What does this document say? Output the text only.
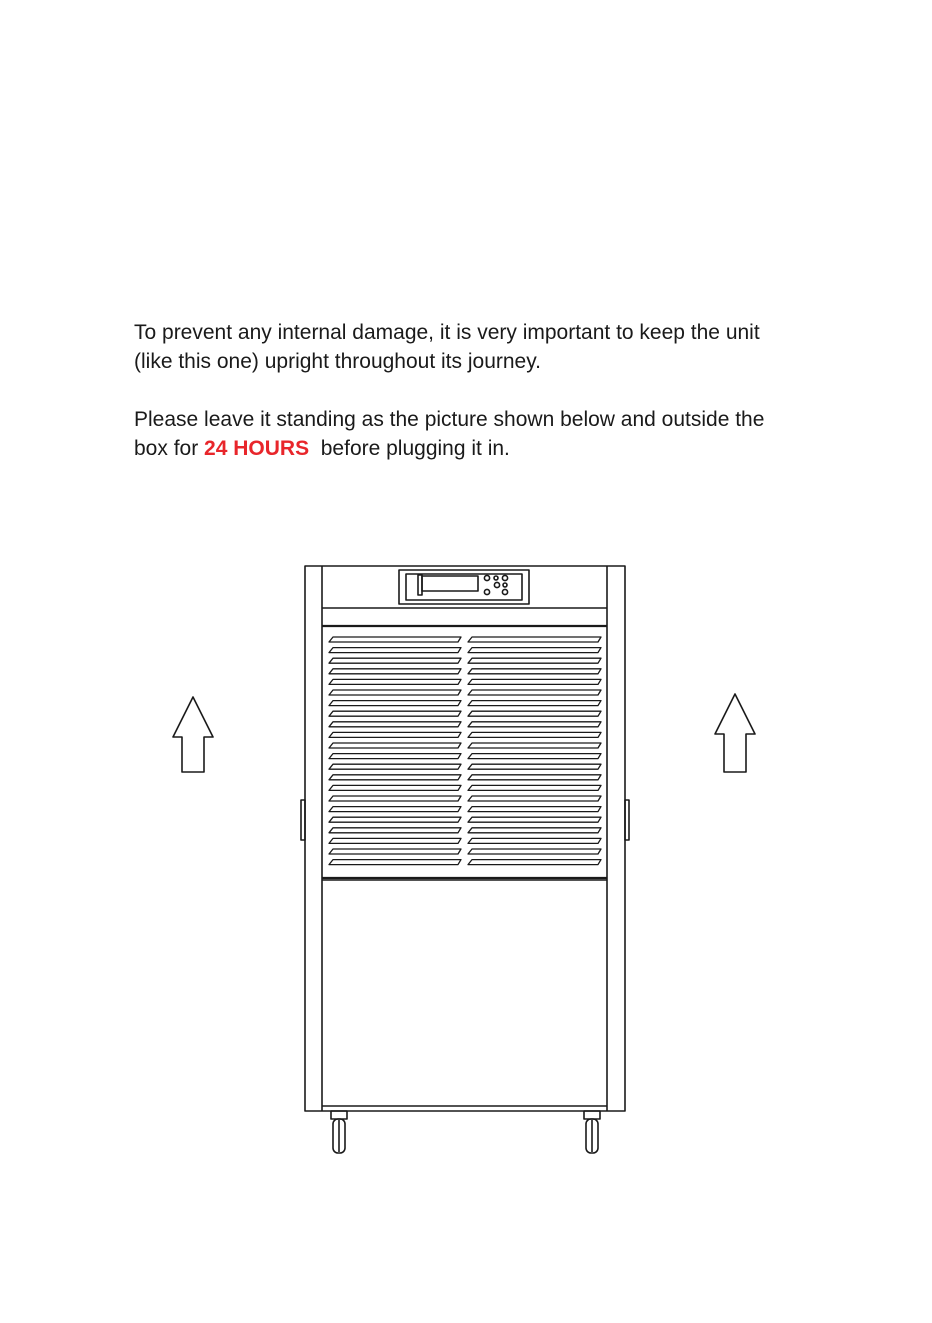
To prevent any internal damage, it is very important to keep the unit

(like this one) upright throughout its journey.

Please leave it standing as the picture shown below and outside the

box for 24 HOURS  before plugging it in.
